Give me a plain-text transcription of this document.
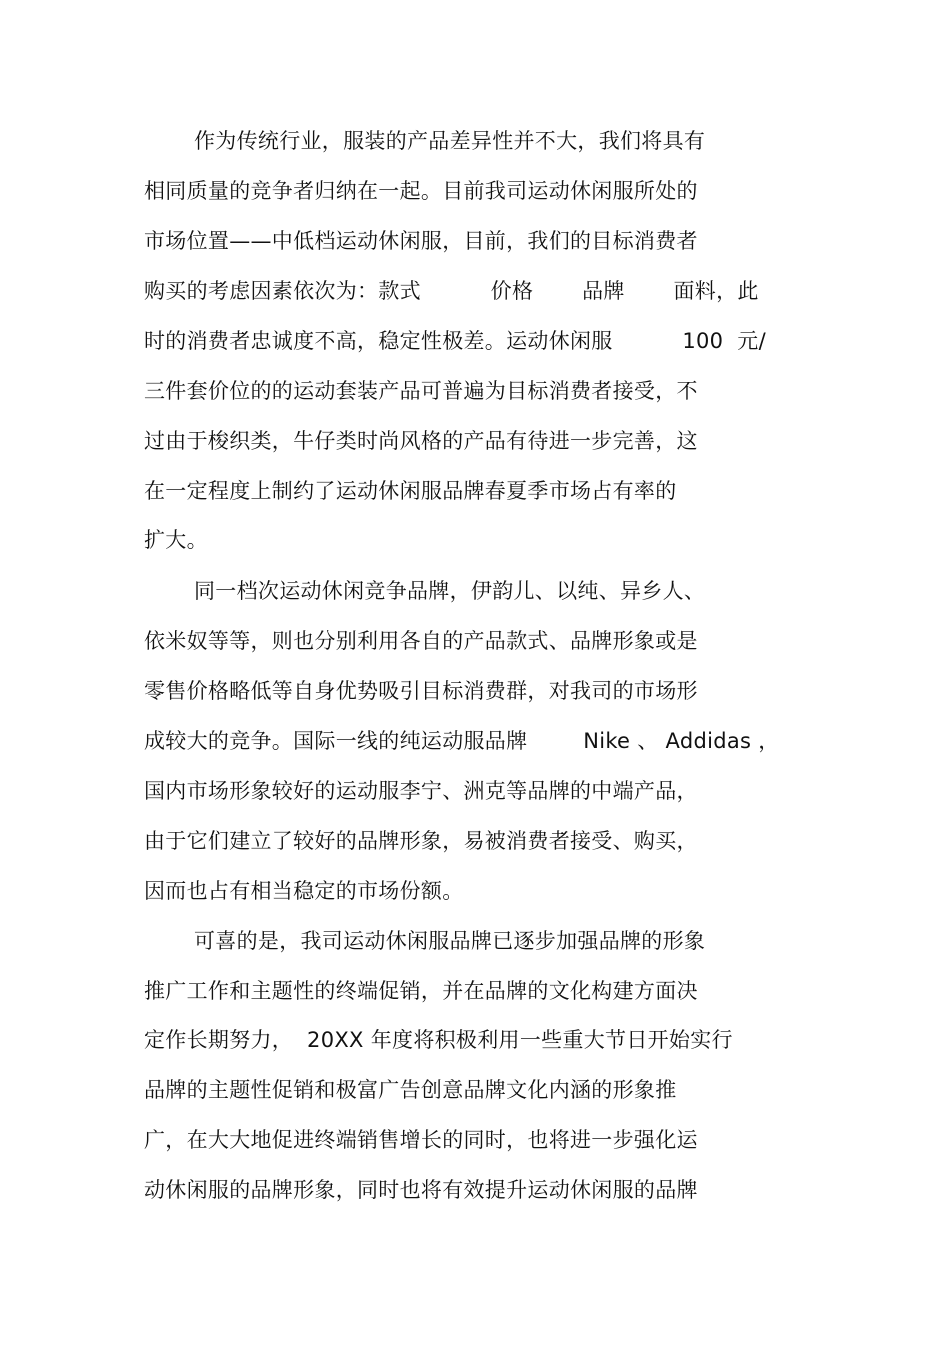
作为传统行业，服装的产品差异性并不大，我们将具有
相同质量的竞争者归纳在一起。目前我司运动休闲服所处的
市场位置——中低档运动休闲服，目前，我们的目标消费者
购买的考虑因素依次为：款式          价格       品牌       面料，此
时的消费者忠诚度不高，稳定性极差。运动休闲服          100  元/
三件套价位的的运动套装产品可普遍为目标消费者接受，不
过由于梭织类，牛仔类时尚风格的产品有待进一步完善，这
在一定程度上制约了运动休闲服品牌春夏季市场占有率的
扩大。
同一档次运动休闲竞争品牌，伊韵儿、以纯、异乡人、
依米奴等等，则也分别利用各自的产品款式、品牌形象或是
零售价格略低等自身优势吸引目标消费群，对我司的市场形
成较大的竞争。国际一线的纯运动服品牌        Nike 、 Addidas ，
国内市场形象较好的运动服李宁、洲克等品牌的中端产品，
由于它们建立了较好的品牌形象，易被消费者接受、购买，
因而也占有相当稳定的市场份额。
可喜的是，我司运动休闲服品牌已逐步加强品牌的形象
推广工作和主题性的终端促销，并在品牌的文化构建方面决
定作长期努力，  20XX 年度将积极利用一些重大节日开始实行
品牌的主题性促销和极富广告创意品牌文化内涵的形象推
广，在大大地促进终端销售增长的同时，也将进一步强化运
动休闲服的品牌形象，同时也将有效提升运动休闲服的品牌
